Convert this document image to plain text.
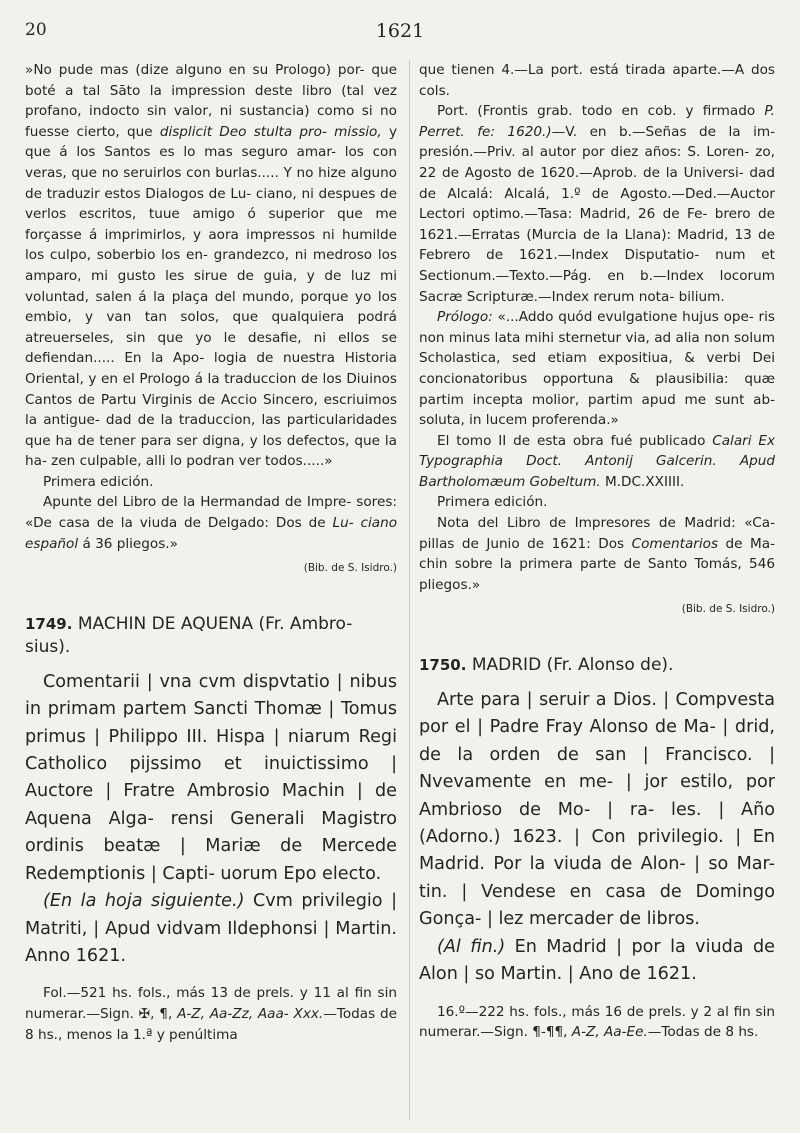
20	1621

»No pude mas (dize alguno en su Prologo) por- que boté a tal Sāto la impression deste libro (tal vez profano, indocto sin valor, ni sustancia) como si no fuesse cierto, que displicit Deo stulta pro- missio, y que á los Santos es lo mas seguro amar- los con veras, que no seruirlos con burlas..... Y no hize alguno de traduzir estos Dialogos de Lu- ciano, ni despues de verlos escritos, tuue amigo ó superior que me forçasse á imprimirlos, y aora impressos ni humilde los culpo, soberbio los en- grandezco, ni medroso los amparo, mi gusto les sirue de guia, y de luz mi voluntad, salen á la plaça del mundo, porque yo los embio, y van tan solos, que qualquiera podrá atreuerseles, sin que yo le desafie, ni ellos se defiendan..... En la Apo- logia de nuestra Historia Oriental, y en el Prologo á la traduccion de los Diuinos Cantos de Partu Virginis de Accio Sincero, escriuimos la antigue- dad de la traduccion, las particularidades que ha de tener para ser digna, y los defectos, que la ha- zen culpable, alli lo podran ver todos.....»

Primera edición.

Apunte del Libro de la Hermandad de Impre- sores: «De casa de la viuda de Delgado: Dos de Lu- ciano español á 36 pliegos.»

(Bib. de S. Isidro.)

1749. MACHIN DE AQUENA (Fr. Ambro- sius).

Comentarii | vna cvm dispvtatio | nibus in primam partem Sancti Thomæ | Tomus primus | Philippo III. Hispa | niarum Regi Catholico pijssimo et inuictissimo | Auctore | Fratre Ambrosio Machin | de Aquena Alga- rensi Generali Magistro ordinis beatæ | Mariæ de Mercede Redemptionis | Capti- uorum Epo electo.

(En la hoja siguiente.) Cvm privilegio | Matriti, | Apud vidvam Ildephonsi | Martin. Anno 1621.

Fol.—521 hs. fols., más 13 de prels. y 11 al fin sin numerar.—Sign. ✠, ¶, A-Z, Aa-Zz, Aaa- Xxx.—Todas de 8 hs., menos la 1.ª y penúltima

que tienen 4.—La port. está tirada aparte.—A dos cols.

Port. (Frontis grab. todo en cob. y firmado P. Perret. fe: 1620.)—V. en b.—Señas de la im- presión.—Priv. al autor por diez años: S. Loren- zo, 22 de Agosto de 1620.—Aprob. de la Universi- dad de Alcalá: Alcalá, 1.º de Agosto.—Ded.—Auctor Lectori optimo.—Tasa: Madrid, 26 de Fe- brero de 1621.—Erratas (Murcia de la Llana): Madrid, 13 de Febrero de 1621.—Index Disputatio- num et Sectionum.—Texto.—Pág. en b.—Index locorum Sacræ Scripturæ.—Index rerum nota- bilium.

Prólogo: «...Addo quód evulgatione hujus ope- ris non minus lata mihi sternetur via, ad alia non solum Scholastica, sed etiam expositiua, & verbi Dei concionatoribus opportuna & plausibilia: quæ partim incepta molior, partim apud me sunt ab- soluta, in lucem proferenda.»

El tomo II de esta obra fué publicado Calari Ex Typographia Doct. Antonij Galcerin. Apud Bartholomæum Gobeltum. M.DC.XXIIII.

Primera edición.

Nota del Libro de Impresores de Madrid: «Ca- pillas de Junio de 1621: Dos Comentarios de Ma- chin sobre la primera parte de Santo Tomás, 546 pliegos.»

(Bib. de S. Isidro.)

1750. MADRID (Fr. Alonso de).

Arte para | seruir a Dios. | Compvesta por el | Padre Fray Alonso de Ma- | drid, de la orden de san | Francisco. | Nvevamente en me- | jor estilo, por Ambrioso de Mo- | ra- les. | Año (Adorno.) 1623. | Con privilegio. | En Madrid. Por la viuda de Alon- | so Mar- tin. | Vendese en casa de Domingo Gonça- | lez mercader de libros.

(Al fin.) En Madrid | por la viuda de Alon | so Martin. | Ano de 1621.

16.º—222 hs. fols., más 16 de prels. y 2 al fin sin numerar.—Sign. ¶-¶¶, A-Z, Aa-Ee.—Todas de 8 hs.
